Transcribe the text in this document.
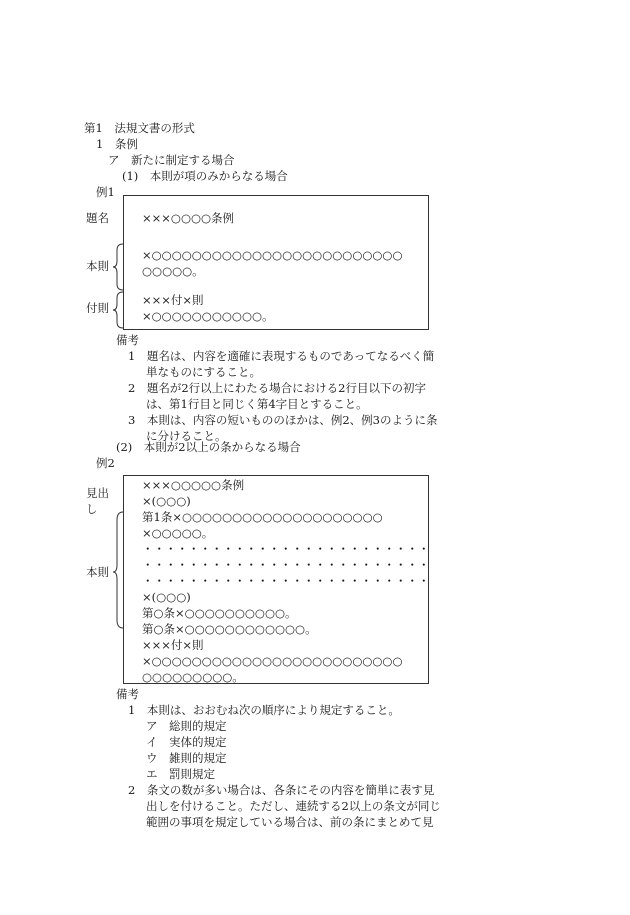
第1　法規文書の形式
1　条例
ア　新たに制定する場合
(1)　本則が項のみからなる場合
例1
題名
本則
付則
×××○○○○条例
×○○○○○○○○○○○○○○○○○○○○○○○○○
○○○○○。
×××付×則
×○○○○○○○○○○○。
備考
1　題名は、内容を適確に表現するものであってなるべく簡
単なものにすること。
2　題名が2行以上にわたる場合における2行目以下の初字
は、第1行目と同じく第4字目とすること。
3　本則は、内容の短いもののほかは、例2、例3のように条
に分けること。
(2)　本則が2以上の条からなる場合
例2
見出
し
本則
×××○○○○○条例
×(○○○)
第1条×○○○○○○○○○○○○○○○○○○○○
×○○○○○。
・・・・・・・・・・・・・・・・・・・・・・・・・
・・・・・・・・・・・・・・・・・・・・・・・・・
・・・・・・・・・・・・・・・・・・・・・・・・・
×(○○○)
第○条×○○○○○○○○○○。
第○条×○○○○○○○○○○○○。
×××付×則
×○○○○○○○○○○○○○○○○○○○○○○○○○
○○○○○○○○○。
備考
1　本則は、おおむね次の順序により規定すること。
ア　総則的規定
イ　実体的規定
ウ　雑則的規定
エ　罰則規定
2　条文の数が多い場合は、各条にその内容を簡単に表す見
出しを付けること。ただし、連続する2以上の条文が同じ
範囲の事項を規定している場合は、前の条にまとめて見
